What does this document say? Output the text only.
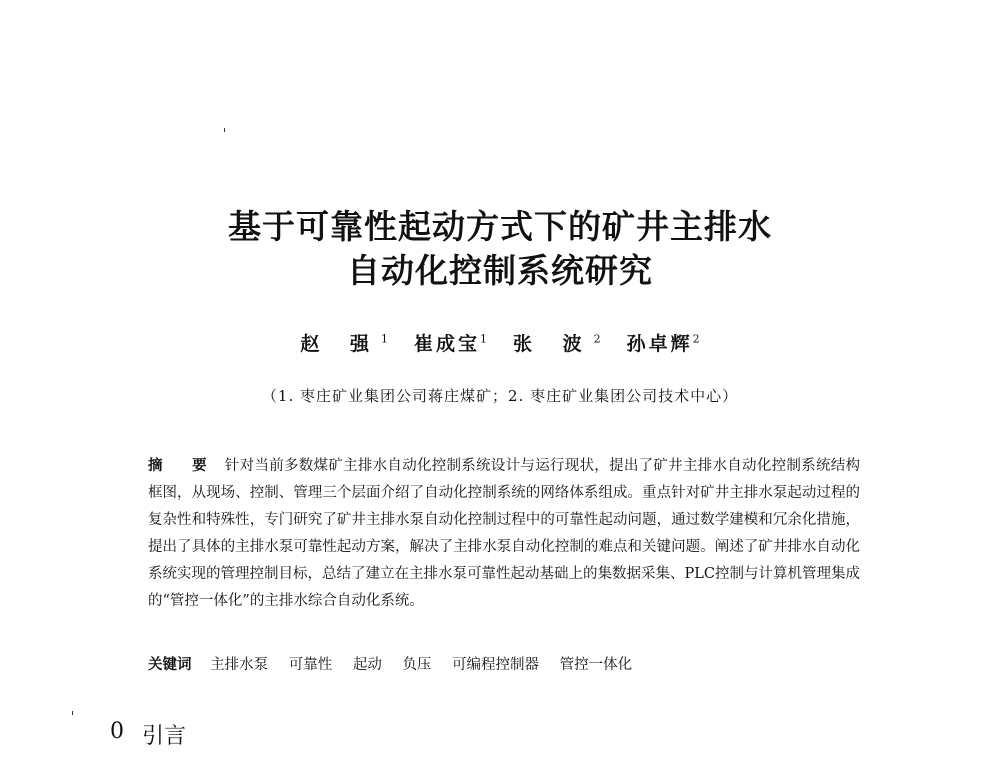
基于可靠性起动方式下的矿井主排水
自动化控制系统研究
赵 强$^1$ 崔成宝$^1$ 张 波$^2$ 孙卓辉$^2$
（1. 枣庄矿业集团公司蒋庄煤矿；2. 枣庄矿业集团公司技术中心）
摘 要 针对当前多数煤矿主排水自动化控制系统设计与运行现状，提出了矿井主排水自动化控制系统结构框图，从现场、控制、管理三个层面介绍了自动化控制系统的网络体系组成。重点针对矿井主排水泵起动过程的复杂性和特殊性，专门研究了矿井主排水泵自动化控制过程中的可靠性起动问题，通过数学建模和冗余化措施，提出了具体的主排水泵可靠性起动方案，解决了主排水泵自动化控制的难点和关键问题。阐述了矿井排水自动化系统实现的管理控制目标，总结了建立在主排水泵可靠性起动基础上的集数据采集、PLC控制与计算机管理集成的“管控一体化”的主排水综合自动化系统。
关键词 主排水泵 可靠性 起动 负压 可编程控制器 管控一体化
0 引言
